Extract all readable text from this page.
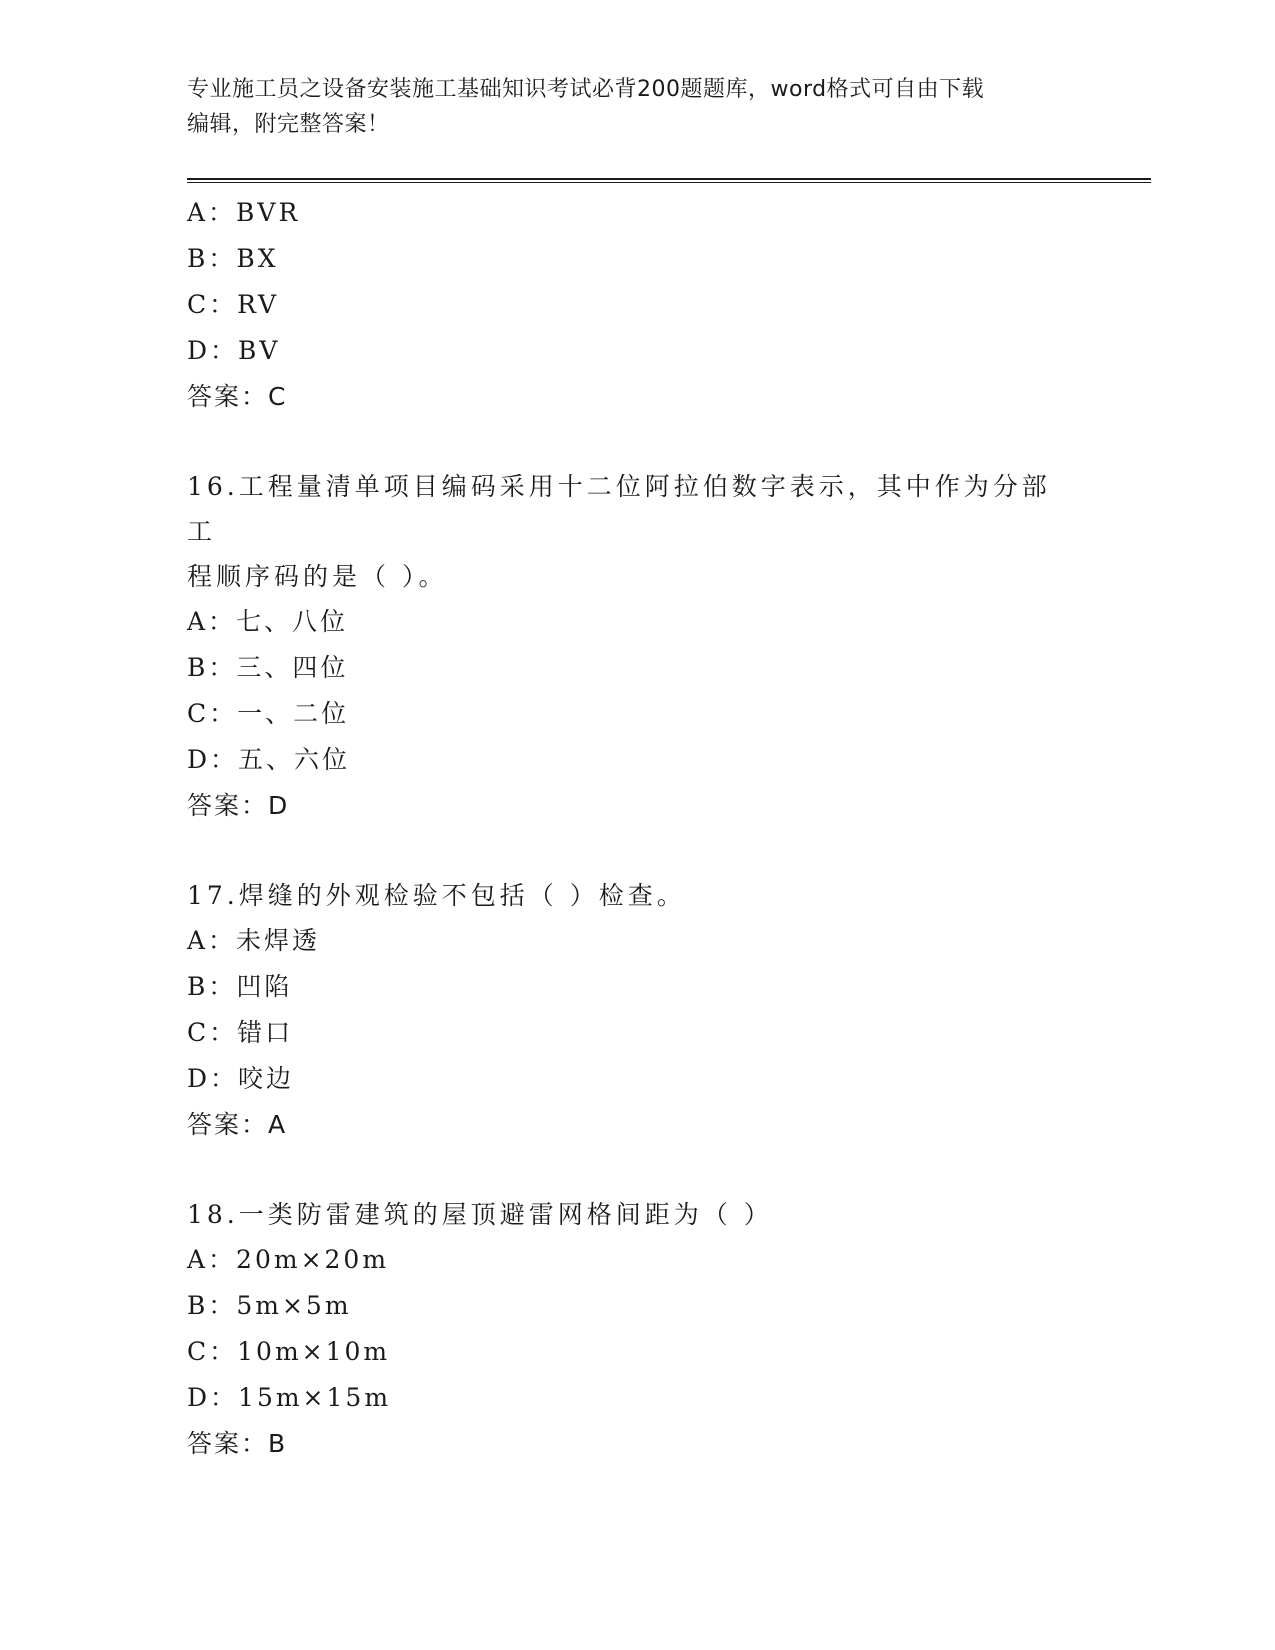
专业施工员之设备安装施工基础知识考试必背200题题库，word格式可自由下载
编辑，附完整答案！
A：BVR
B：BX
C：RV
D：BV
答案：C
16.工程量清单项目编码采用十二位阿拉伯数字表示，其中作为分部工
程顺序码的是（ ）。
A：七、八位
B：三、四位
C：一、二位
D：五、六位
答案：D
17.焊缝的外观检验不包括（ ）检查。
A：未焊透
B：凹陷
C：错口
D：咬边
答案：A
18.一类防雷建筑的屋顶避雷网格间距为（ ）
A：20m×20m
B：5m×5m
C：10m×10m
D：15m×15m
答案：B
